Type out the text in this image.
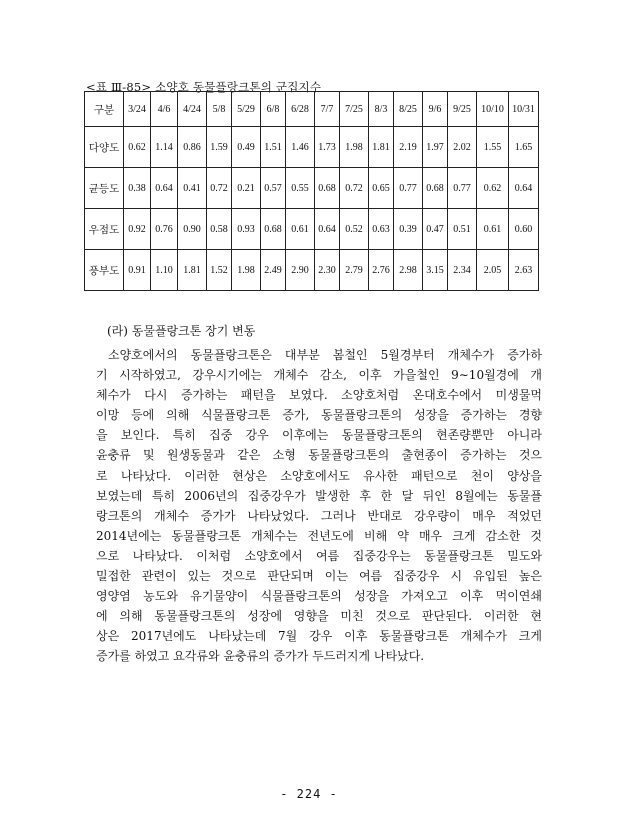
<표 Ⅲ-85> 소양호 동물플랑크톤의 군집지수
구분	3/24	4/6	4/24	5/8	5/29	6/8	6/28	7/7	7/25	8/3	8/25	9/6	9/25	10/10	10/31
다양도	0.62	1.14	0.86	1.59	0.49	1.51	1.46	1.73	1.98	1.81	2.19	1.97	2.02	1.55	1.65
균등도	0.38	0.64	0.41	0.72	0.21	0.57	0.55	0.68	0.72	0.65	0.77	0.68	0.77	0.62	0.64
우점도	0.92	0.76	0.90	0.58	0.93	0.68	0.61	0.64	0.52	0.63	0.39	0.47	0.51	0.61	0.60
풍부도	0.91	1.10	1.81	1.52	1.98	2.49	2.90	2.30	2.79	2.76	2.98	3.15	2.34	2.05	2.63
(라) 동물플랑크톤 장기 변동
소양호에서의 동물플랑크톤은 대부분 봄철인 5월경부터 개체수가 증가하
기 시작하였고, 강우시기에는 개체수 감소, 이후 가을철인 9∼10월경에 개
체수가 다시 증가하는 패턴을 보였다. 소양호처럼 온대호수에서 미생물먹
이망 등에 의해 식물플랑크톤 증가, 동물플랑크톤의 성장을 증가하는 경향
을 보인다. 특히 집중 강우 이후에는 동물플랑크톤의 현존량뿐만 아니라
윤충류 및 원생동물과 같은 소형 동물플랑크톤의 출현종이 증가하는 것으
로 나타났다. 이러한 현상은 소양호에서도 유사한 패턴으로 천이 양상을
보였는데 특히 2006년의 집중강우가 발생한 후 한 달 뒤인 8월에는 동물플
랑크톤의 개체수 증가가 나타났었다. 그러나 반대로 강우량이 매우 적었던
2014년에는 동물플랑크톤 개체수는 전년도에 비해 약 매우 크게 감소한 것
으로 나타났다. 이처럼 소양호에서 여름 집중강우는 동물플랑크톤 밀도와
밀접한 관련이 있는 것으로 판단되며 이는 여름 집중강우 시 유입된 높은
영양염 농도와 유기물양이 식물플랑크톤의 성장을 가져오고 이후 먹이연쇄
에 의해 동물플랑크톤의 성장에 영향을 미친 것으로 판단된다. 이러한 현
상은 2017년에도 나타났는데 7월 강우 이후 동물플랑크톤 개체수가 크게
증가를 하였고 요각류와 윤충류의 증가가 두드러지게 나타났다.
- 224 -
